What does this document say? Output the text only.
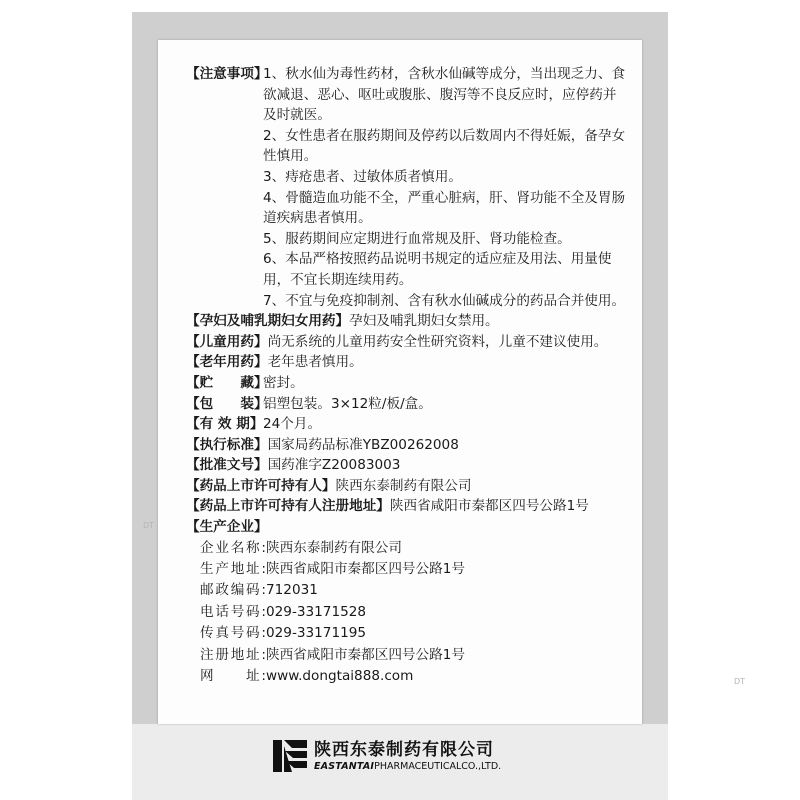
DT
DT
【注意事项】
1、秋水仙为毒性药材，含秋水仙碱等成分，当出现乏力、食欲减退、恶心、呕吐或腹胀、腹泻等不良反应时，应停药并及时就医。
2、女性患者在服药期间及停药以后数周内不得妊娠，备孕女性慎用。
3、痔疮患者、过敏体质者慎用。
4、骨髓造血功能不全，严重心脏病，肝、肾功能不全及胃肠道疾病患者慎用。
5、服药期间应定期进行血常规及肝、肾功能检查。
6、本品严格按照药品说明书规定的适应症及用法、用量使用，不宜长期连续用药。
7、不宜与免疫抑制剂、含有秋水仙碱成分的药品合并使用。
【孕妇及哺乳期妇女用药】 孕妇及哺乳期妇女禁用。
【儿童用药】 尚无系统的儿童用药安全性研究资料，儿童不建议使用。
【老年用药】 老年患者慎用。
【贮　　藏】
密封。
【包　　装】
铝塑包装。3×12粒/板/盒。
【有 效 期】 24个月。
【执行标准】 国家局药品标准YBZ00262008
【批准文号】 国药准字Z20083003
【药品上市许可持有人】 陕西东泰制药有限公司
【药品上市许可持有人注册地址】 陕西省咸阳市秦都区四号公路1号
【生产企业】
企业名称: 陕西东泰制药有限公司
生产地址: 陕西省咸阳市秦都区四号公路1号
邮政编码: 712031
电话号码: 029-33171528
传真号码: 029-33171195
注册地址: 陕西省咸阳市秦都区四号公路1号
网　　址: www.dongtai888.com
陕西东泰制药有限公司
EASTANTAIPHARMACEUTICALCO.,LTD.
